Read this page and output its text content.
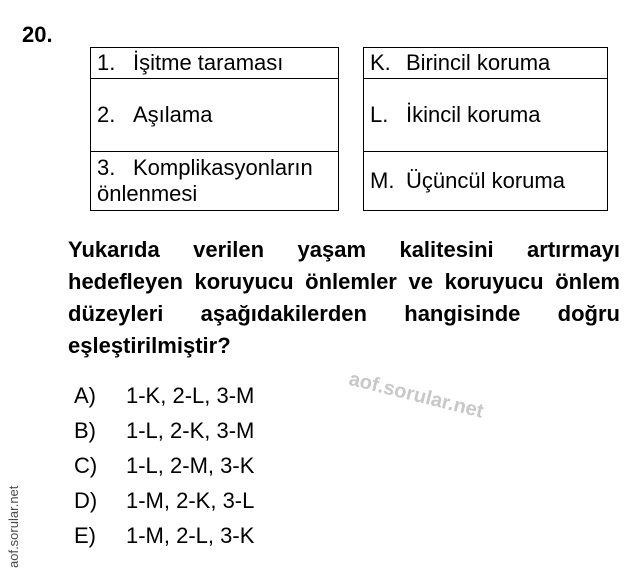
20.
1. İşitme taraması

2. Aşılama

3. Komplikasyonların
önlenmesi
K. Birincil koruma

L. İkincil koruma

M. Üçüncül koruma
Yukarıda verilen yaşam kalitesini artırmayı hedefleyen koruyucu önlemler ve koruyucu önlem düzeyleri aşağıdakilerden hangisinde doğru eşleştirilmiştir?
A)	1-K, 2-L, 3-M
B)	1-L, 2-K, 3-M
C)	1-L, 2-M, 3-K
D)	1-M, 2-K, 3-L
E)	1-M, 2-L, 3-K
aof.sorular.net
aof.sorular.net
